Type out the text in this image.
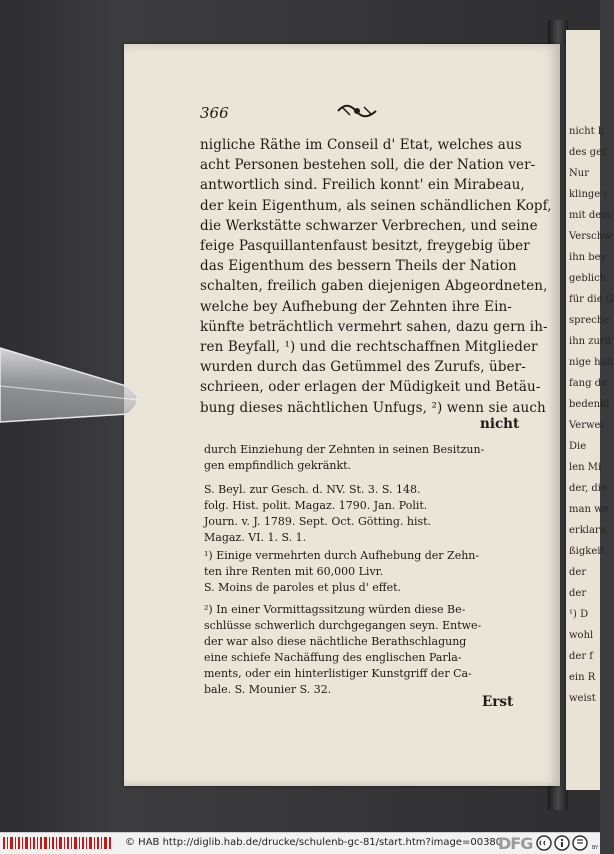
nicht b
des gef
Nur
klinge i
mit dem
Verschw
ihn bey
geblich
für die G
spreche
ihn zurü
nige hab
fang de
bedenkl
Verwei
Die
len Mi
der, die
man we
erklaru
ßigkeit
der
der
¹) D
wohl
der f
ein R
weist
366
nigliche Räthe im Conseil d' Etat, welches aus
acht Personen bestehen soll, die der Nation ver-
antwortlich sind. Freilich konnt' ein Mirabeau,
der kein Eigenthum, als seinen schändlichen Kopf,
die Werkstätte schwarzer Verbrechen, und seine
feige Pasquillantenfaust besitzt, freygebig über
das Eigenthum des bessern Theils der Nation
schalten, freilich gaben diejenigen Abgeordneten,
welche bey Aufhebung der Zehnten ihre Ein-
künfte beträchtlich vermehrt sahen, dazu gern ih-
ren Beyfall, ¹) und die rechtschaffnen Mitglieder
wurden durch das Getümmel des Zurufs, über-
schrieen, oder erlagen der Müdigkeit und Betäu-
bung dieses nächtlichen Unfugs, ²) wenn sie auch
nicht
durch Einziehung der Zehnten in seinen Besitzun-
gen empfindlich gekränkt.
S. Beyl. zur Gesch. d. NV. St. 3. S. 148.
folg. Hist. polit. Magaz. 1790. Jan. Polit.
Journ. v. J. 1789. Sept. Oct. Götting. hist.
Magaz. VI. 1. S. 1.
¹) Einige vermehrten durch Aufhebung der Zehn-
ten ihre Renten mit 60,000 Livr.
S. Moins de paroles et plus d' effet.
²) In einer Vormittagssitzung würden diese Be-
schlüsse schwerlich durchgegangen seyn. Entwe-
der war also diese nächtliche Berathschlagung
eine schiefe Nachäffung des englischen Parla-
ments, oder ein hinterlistiger Kunstgriff der Ca-
bale. S. Mounier S. 32.
Erst
© HAB http://diglib.hab.de/drucke/schulenb-gc-81/start.htm?image=00380
DFG	BY
